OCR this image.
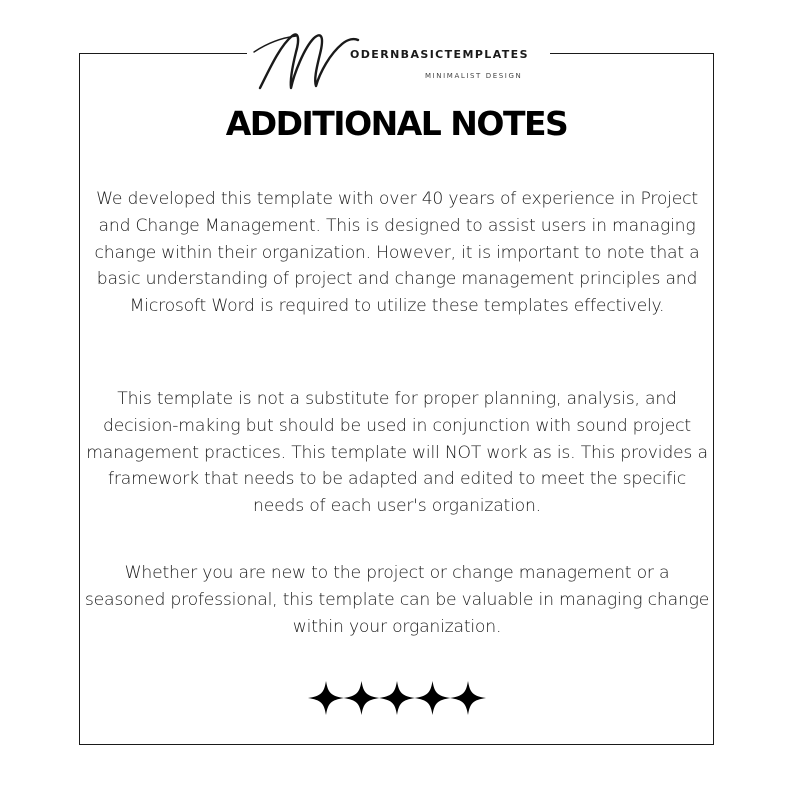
ODERNBASICTEMPLATES
MINIMALIST DESIGN
ADDITIONAL NOTES

We developed this template with over 40 years of experience in Project and Change Management. This is designed to assist users in managing change within their organization. However, it is important to note that a basic understanding of project and change management principles and Microsoft Word is required to utilize these templates effectively.

This template is not a substitute for proper planning, analysis, and decision-making but should be used in conjunction with sound project management practices. This template will NOT work as is. This provides a framework that needs to be adapted and edited to meet the specific needs of each user's organization.

Whether you are new to the project or change management or a seasoned professional, this template can be valuable in managing change within your organization.
